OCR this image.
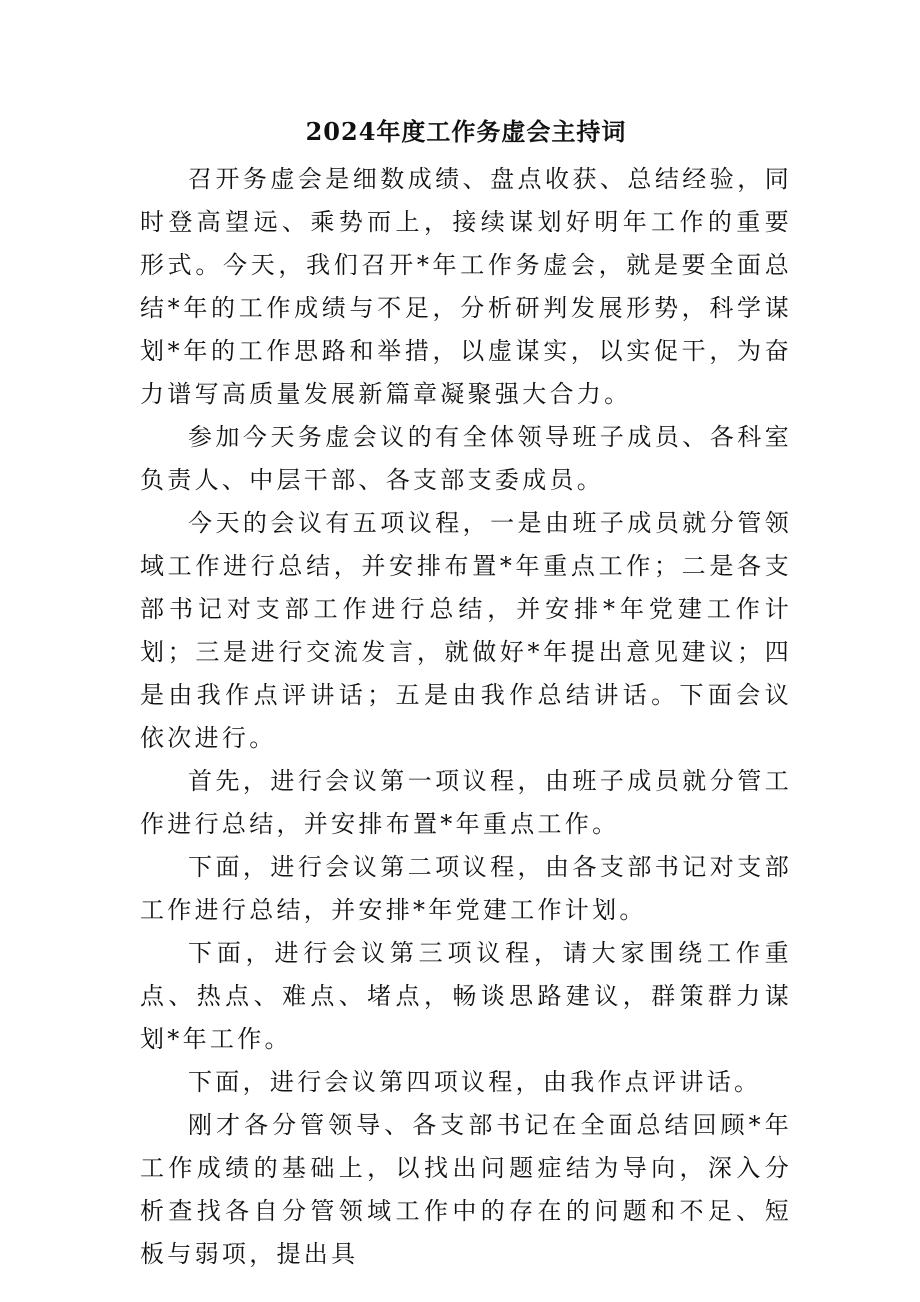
2024年度工作务虚会主持词

召开务虚会是细数成绩、盘点收获、总结经验，同时登高望远、乘势而上，接续谋划好明年工作的重要形式。今天，我们召开*年工作务虚会，就是要全面总结*年的工作成绩与不足，分析研判发展形势，科学谋划*年的工作思路和举措，以虚谋实，以实促干，为奋力谱写高质量发展新篇章凝聚强大合力。

参加今天务虚会议的有全体领导班子成员、各科室负责人、中层干部、各支部支委成员。

今天的会议有五项议程，一是由班子成员就分管领域工作进行总结，并安排布置*年重点工作；二是各支部书记对支部工作进行总结，并安排*年党建工作计划；三是进行交流发言，就做好*年提出意见建议；四是由我作点评讲话；五是由我作总结讲话。下面会议依次进行。

首先，进行会议第一项议程，由班子成员就分管工作进行总结，并安排布置*年重点工作。

下面，进行会议第二项议程，由各支部书记对支部工作进行总结，并安排*年党建工作计划。

下面，进行会议第三项议程，请大家围绕工作重点、热点、难点、堵点，畅谈思路建议，群策群力谋划*年工作。

下面，进行会议第四项议程，由我作点评讲话。

刚才各分管领导、各支部书记在全面总结回顾*年工作成绩的基础上，以找出问题症结为导向，深入分析查找各自分管领域工作中的存在的问题和不足、短板与弱项，提出具
